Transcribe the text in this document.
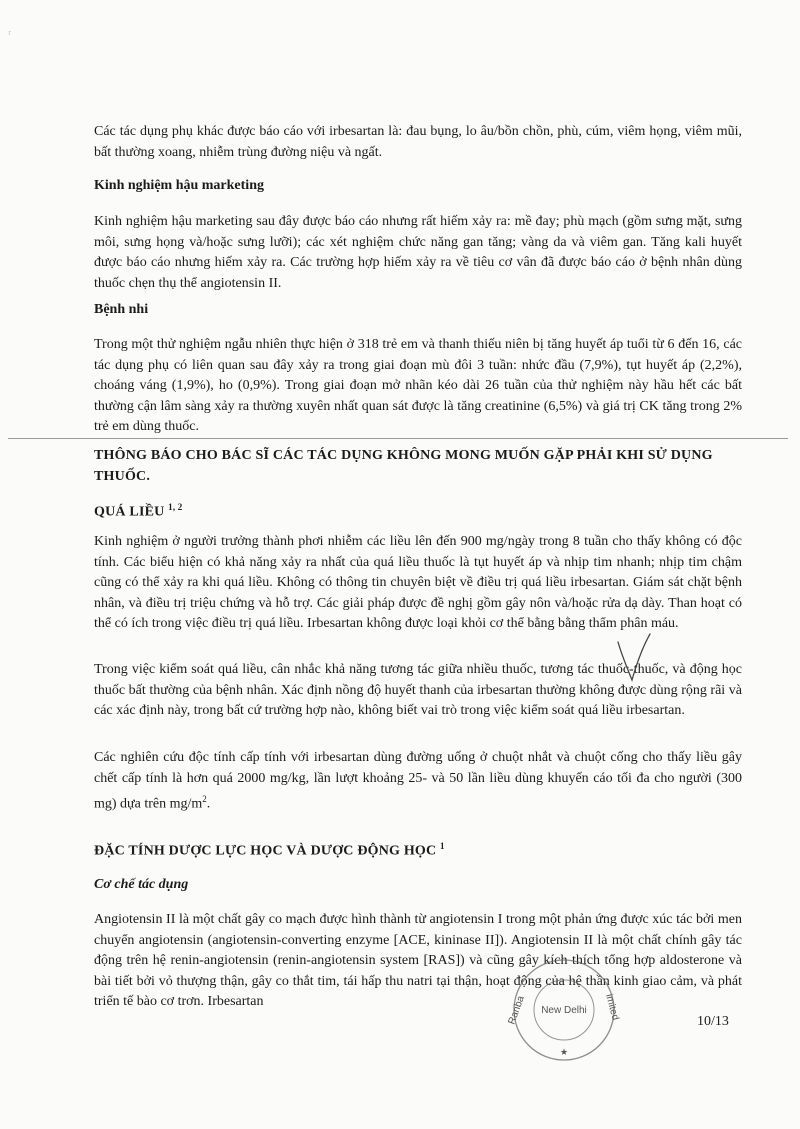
ʳ

Các tác dụng phụ khác được báo cáo với irbesartan là: đau bụng, lo âu/bồn chồn, phù, cúm, viêm họng, viêm mũi, bất thường xoang, nhiễm trùng đường niệu và ngất.

Kinh nghiệm hậu marketing

Kinh nghiệm hậu marketing sau đây được báo cáo nhưng rất hiếm xảy ra: mề đay; phù mạch (gồm sưng mặt, sưng môi, sưng họng và/hoặc sưng lưỡi); các xét nghiệm chức năng gan tăng; vàng da và viêm gan. Tăng kali huyết được báo cáo nhưng hiếm xảy ra. Các trường hợp hiếm xảy ra về tiêu cơ vân đã được báo cáo ở bệnh nhân dùng thuốc chẹn thụ thể angiotensin II.

Bệnh nhi

Trong một thử nghiệm ngẫu nhiên thực hiện ở 318 trẻ em và thanh thiếu niên bị tăng huyết áp tuổi từ 6 đến 16, các tác dụng phụ có liên quan sau đây xảy ra trong giai đoạn mù đôi 3 tuần: nhức đầu (7,9%), tụt huyết áp (2,2%), choáng váng (1,9%), ho (0,9%). Trong giai đoạn mở nhãn kéo dài 26 tuần của thử nghiệm này hầu hết các bất thường cận lâm sàng xảy ra thường xuyên nhất quan sát được là tăng creatinine (6,5%) và giá trị CK tăng trong 2% trẻ em dùng thuốc.

THÔNG BÁO CHO BÁC SĨ CÁC TÁC DỤNG KHÔNG MONG MUỐN GẶP PHẢI KHI SỬ DỤNG THUỐC.

QUÁ LIỀU $^{1, 2}$

Kinh nghiệm ở người trưởng thành phơi nhiễm các liều lên đến 900 mg/ngày trong 8 tuần cho thấy không có độc tính. Các biểu hiện có khả năng xảy ra nhất của quá liều thuốc là tụt huyết áp và nhịp tim nhanh; nhịp tim chậm cũng có thể xảy ra khi quá liều. Không có thông tin chuyên biệt về điều trị quá liều irbesartan. Giám sát chặt bệnh nhân, và điều trị triệu chứng và hỗ trợ. Các giải pháp được đề nghị gồm gây nôn và/hoặc rửa dạ dày. Than hoạt có thể có ích trong việc điều trị quá liều. Irbesartan không được loại khỏi cơ thể bằng bằng thẩm phân máu.

Trong việc kiểm soát quá liều, cân nhắc khả năng tương tác giữa nhiều thuốc, tương tác thuốc-thuốc, và động học thuốc bất thường của bệnh nhân. Xác định nồng độ huyết thanh của irbesartan thường không được dùng rộng rãi và các xác định này, trong bất cứ trường hợp nào, không biết vai trò trong việc kiểm soát quá liều irbesartan.

Các nghiên cứu độc tính cấp tính với irbesartan dùng đường uống ở chuột nhắt và chuột cống cho thấy liều gây chết cấp tính là hơn quá 2000 mg/kg, lần lượt khoảng 25- và 50 lần liều dùng khuyến cáo tối đa cho người (300 mg) dựa trên $mg/m^2$.

ĐẶC TÍNH DƯỢC LỰC HỌC VÀ DƯỢC ĐỘNG HỌC $^1$

Cơ chế tác dụng

Angiotensin II là một chất gây co mạch được hình thành từ angiotensin I trong một phản ứng được xúc tác bởi men chuyển angiotensin (angiotensin-converting enzyme [ACE, kininase II]). Angiotensin II là một chất chính gây tác động trên hệ renin-angiotensin (renin-angiotensin system [RAS]) và cũng gây kích thích tổng hợp aldosterone và bài tiết bởi vỏ thượng thận, gây co thắt tim, tái hấp thu natri tại thận, hoạt động của hệ thần kinh giao cảm, và phát triển tế bào cơ trơn. Irbesartan

New Delhi
Ranba	imited
★
10/13
